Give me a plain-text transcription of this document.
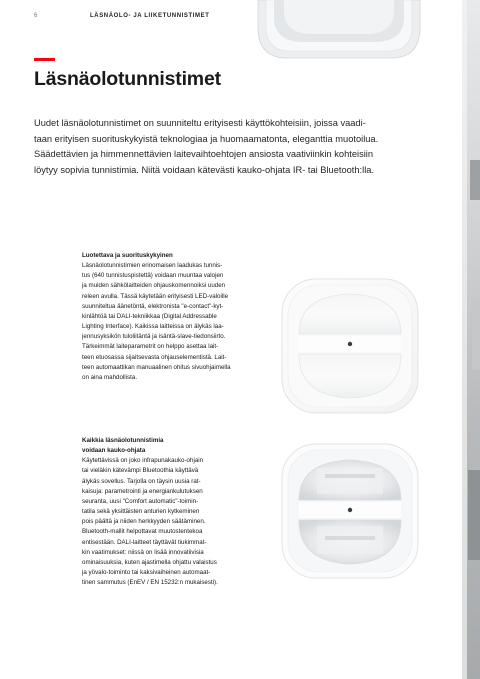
6	LÄSNÄOLO- JA LIIKETUNNISTIMET
Läsnäolotunnistimet
Uudet läsnäolotunnistimet on suunniteltu erityisesti käyttökohteisiin, joissa vaadi-
taan erityisen suorituskykyistä teknologiaa ja huomaamatonta, eleganttia muotoilua.
Säädettävien ja himmennettävien laitevaihtoehtojen ansiosta vaativiinkin kohteisiin
löytyy sopivia tunnistimia. Niitä voidaan kätevästi kauko-ohjata IR- tai Bluetooth:lla.
Luotettava ja suorituskykyinen
Läsnäolotunnistimien erinomaisen laadukas tunnis-
tus (640 tunnistuspistettä) voidaan muuntaa valojen
ja muiden sähkölaitteiden ohjauskomennoiksi uuden
releen avulla. Tässä käytetään erityisesti LED-valoille
suunniteltua äänetöntä, elektronista "e-contact"-kyt-
kinlähtöä tai DALI-tekniikkaa (Digital Addressable
Lighting Interface). Kaikissa laitteissa on älykäs laa-
jennusyksikön tuloliitäntä ja isäntä-slave-tiedonsiirto.
Tärkeimmät laiteparametrit on helppo asettaa lait-
teen etuosassa sijaitsevasta ohjauselementistä. Lait-
teen automaattikan manuaalinen ohitus sivuohjaimella
on aina mahdollista.
Kaikkia läsnäolotunnistimia
voidaan kauko-ohjata
Käytettävissä on joko infrapunakauko-ohjain
tai vieläkin kätevämpi Bluetoothia käyttävä
älykäs sovellus. Tarjolla on täysin uusia rat-
kaisuja: parametrointi ja energiankulutuksen
seuranta, uusi "Comfort automatic"-toimin-
tatila sekä yksittäisten anturien kytkeminen
pois päältä ja niiden herkkyyden säätäminen.
Bluetooth-mallit helpottavat muutostentekoa
entisestään. DALI-laitteet täyttävät tiukimmat-
kin vaatimukset: niissä on lisää innovatiivisia
ominaisuuksia, kuten ajastimella ohjattu valaistus
ja yövalo-toiminto tai kaksivaiheinen automaat-
tinen sammutus (EnEV / EN 15232:n mukaisesti).
